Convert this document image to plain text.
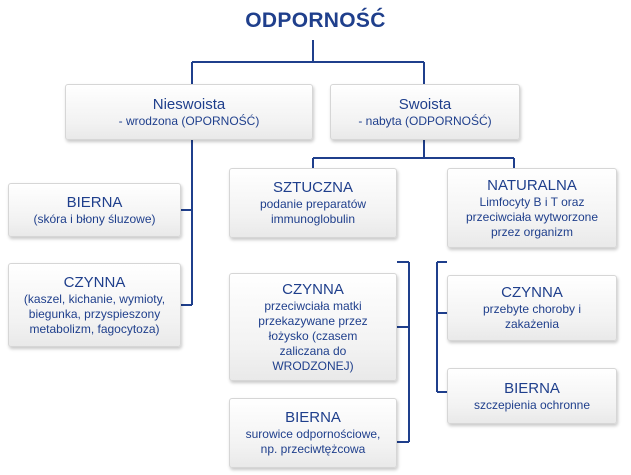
ODPORNOŚĆ
Nieswoista
- wrodzona (OPORNOŚĆ)
Swoista
- nabyta (ODPORNOŚĆ)
BIERNA
(skóra i błony śluzowe)
CZYNNA
(kaszel, kichanie, wymioty, biegunka, przyspieszony metabolizm, fagocytoza)
SZTUCZNA
podanie preparatów immunoglobulin
NATURALNA
Limfocyty B i T oraz przeciwciała wytworzone przez organizm
CZYNNA
przeciwciała matki przekazywane przez łożysko (czasem zaliczana do WRODZONEJ)
BIERNA
surowice odpornościowe, np. przeciwtężcowa
CZYNNA
przebyte choroby i zakażenia
BIERNA
szczepienia ochronne
